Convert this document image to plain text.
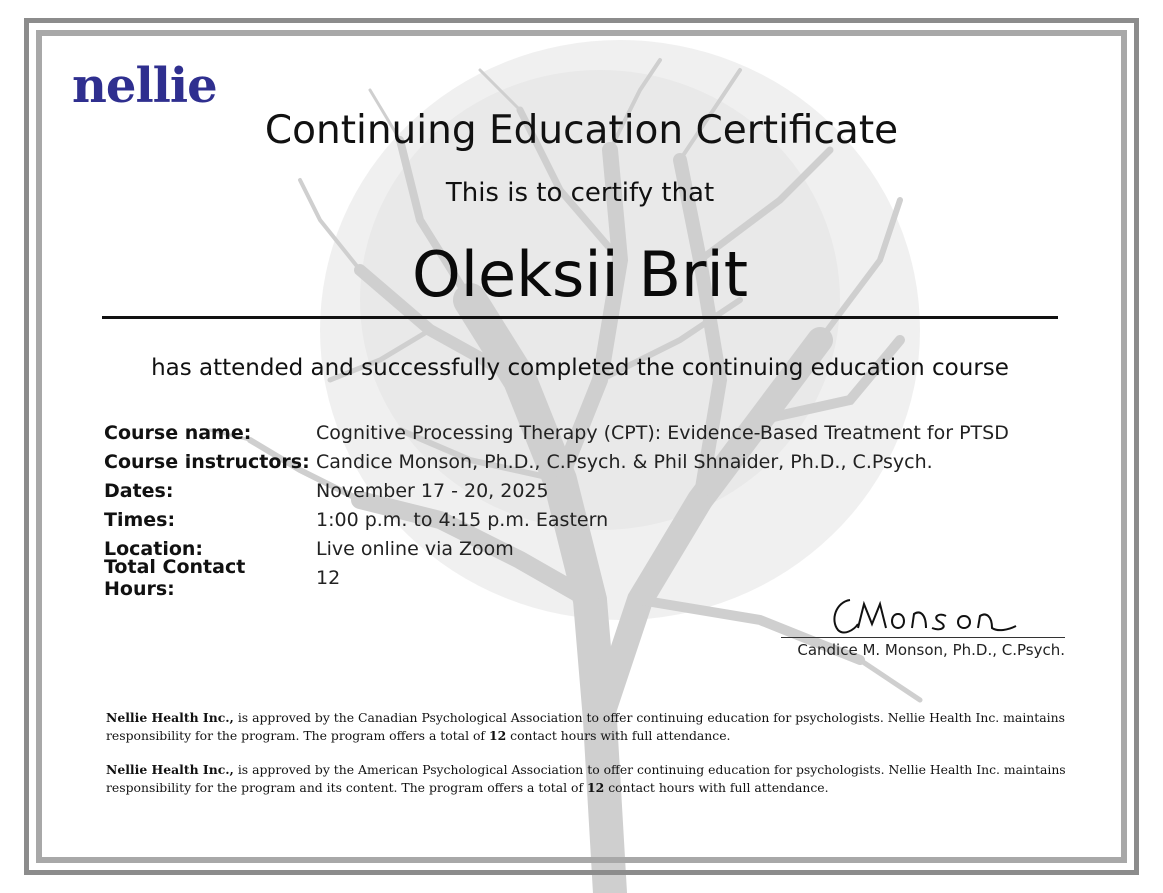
nellie
Continuing Education Certificate
This is to certify that
Oleksii Brit
has attended and successfully completed the continuing education course
Course name:	Cognitive Processing Therapy (CPT): Evidence-Based Treatment for PTSD
Course instructors: Candice Monson, Ph.D., C.Psych. & Phil Shnaider, Ph.D., C.Psych.
Dates:	November 17 - 20, 2025
Times:	1:00 p.m. to 4:15 p.m. Eastern
Location:	Live online via Zoom
Total Contact Hours:	12
Candice M. Monson, Ph.D., C.Psych.
Nellie Health Inc., is approved by the Canadian Psychological Association to offer continuing education for psychologists. Nellie Health Inc. maintains responsibility for the program. The program offers a total of 12 contact hours with full attendance.
Nellie Health Inc., is approved by the American Psychological Association to offer continuing education for psychologists. Nellie Health Inc. maintains responsibility for the program and its content. The program offers a total of 12 contact hours with full attendance.
